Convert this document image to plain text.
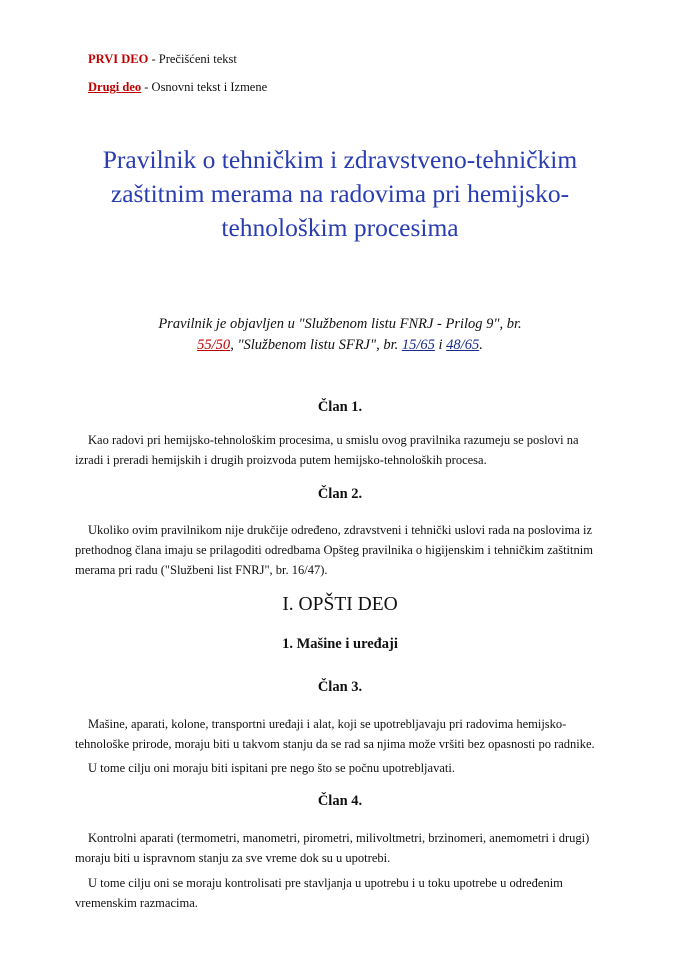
PRVI DEO - Prečišćeni tekst
Drugi deo - Osnovni tekst i Izmene
Pravilnik o tehničkim i zdravstveno-tehničkim
zaštitnim merama na radovima pri hemijsko-
tehnološkim procesima
Pravilnik je objavljen u "Službenom listu FNRJ - Prilog 9", br.
55/50, "Službenom listu SFRJ", br. 15/65 i 48/65.
Član 1.
Kao radovi pri hemijsko-tehnološkim procesima, u smislu ovog pravilnika razumeju se poslovi na izradi i preradi hemijskih i drugih proizvoda putem hemijsko-tehnoloških procesa.
Član 2.
Ukoliko ovim pravilnikom nije drukčije određeno, zdravstveni i tehnički uslovi rada na poslovima iz prethodnog člana imaju se prilagoditi odredbama Opšteg pravilnika o higijenskim i tehničkim zaštitnim merama pri radu ("Službeni list FNRJ", br. 16/47).
I. OPŠTI DEO
1. Mašine i uređaji
Član 3.
Mašine, aparati, kolone, transportni uređaji i alat, koji se upotrebljavaju pri radovima hemijsko-tehnološke prirode, moraju biti u takvom stanju da se rad sa njima može vršiti bez opasnosti po radnike.
U tome cilju oni moraju biti ispitani pre nego što se počnu upotrebljavati.
Član 4.
Kontrolni aparati (termometri, manometri, pirometri, milivoltmetri, brzinomeri, anemometri i drugi) moraju biti u ispravnom stanju za sve vreme dok su u upotrebi.
U tome cilju oni se moraju kontrolisati pre stavljanja u upotrebu i u toku upotrebe u određenim vremenskim razmacima.
